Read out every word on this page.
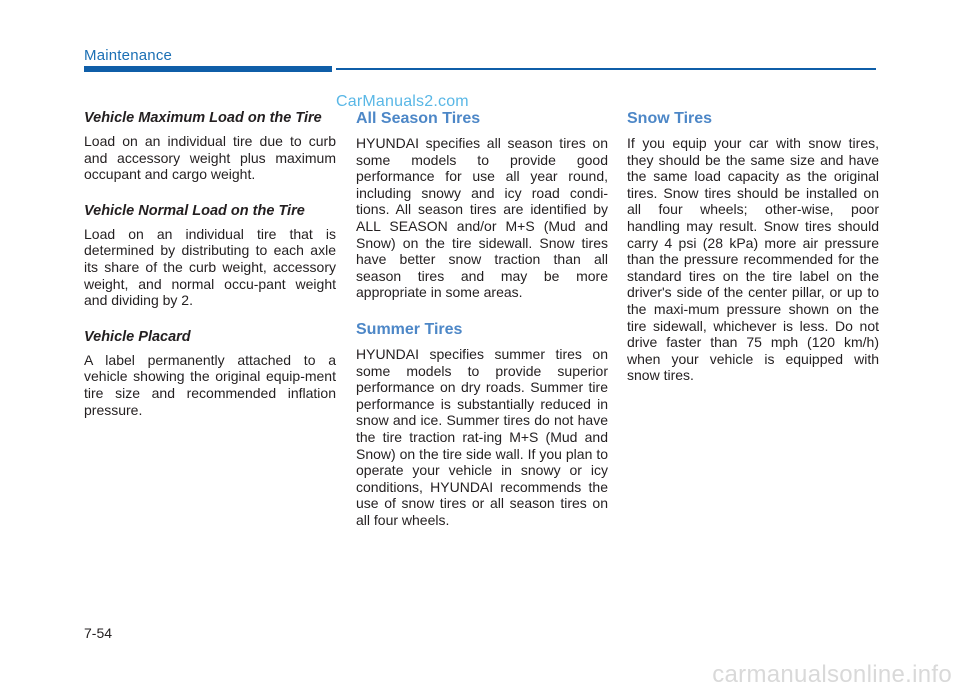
Maintenance
CarManuals2.com

Vehicle Maximum Load on the Tire

Load on an individual tire due to curb and accessory weight plus maximum occupant and cargo weight.

Vehicle Normal Load on the Tire

Load on an individual tire that is determined by distributing to each axle its share of the curb weight, accessory weight, and normal occu-pant weight and dividing by 2.

Vehicle Placard

A label permanently attached to a vehicle showing the original equip-ment tire size and recommended inflation pressure.

All Season Tires

HYUNDAI specifies all season tires on some models to provide good performance for use all year round, including snowy and icy road condi-tions. All season tires are identified by ALL SEASON and/or M+S (Mud and Snow) on the tire sidewall. Snow tires have better snow traction than all season tires and may be more appropriate in some areas.

Summer Tires

HYUNDAI specifies summer tires on some models to provide superior performance on dry roads. Summer tire performance is substantially reduced in snow and ice. Summer tires do not have the tire traction rat-ing M+S (Mud and Snow) on the tire side wall. If you plan to operate your vehicle in snowy or icy conditions, HYUNDAI recommends the use of snow tires or all season tires on all four wheels.

Snow Tires

If you equip your car with snow tires, they should be the same size and have the same load capacity as the original tires. Snow tires should be installed on all four wheels; other-wise, poor handling may result. Snow tires should carry 4 psi (28 kPa) more air pressure than the pressure recommended for the standard tires on the tire label on the driver's side of the center pillar, or up to the maxi-mum pressure shown on the tire sidewall, whichever is less. Do not drive faster than 75 mph (120 km/h) when your vehicle is equipped with snow tires.

7-54
carmanualsonline.info
